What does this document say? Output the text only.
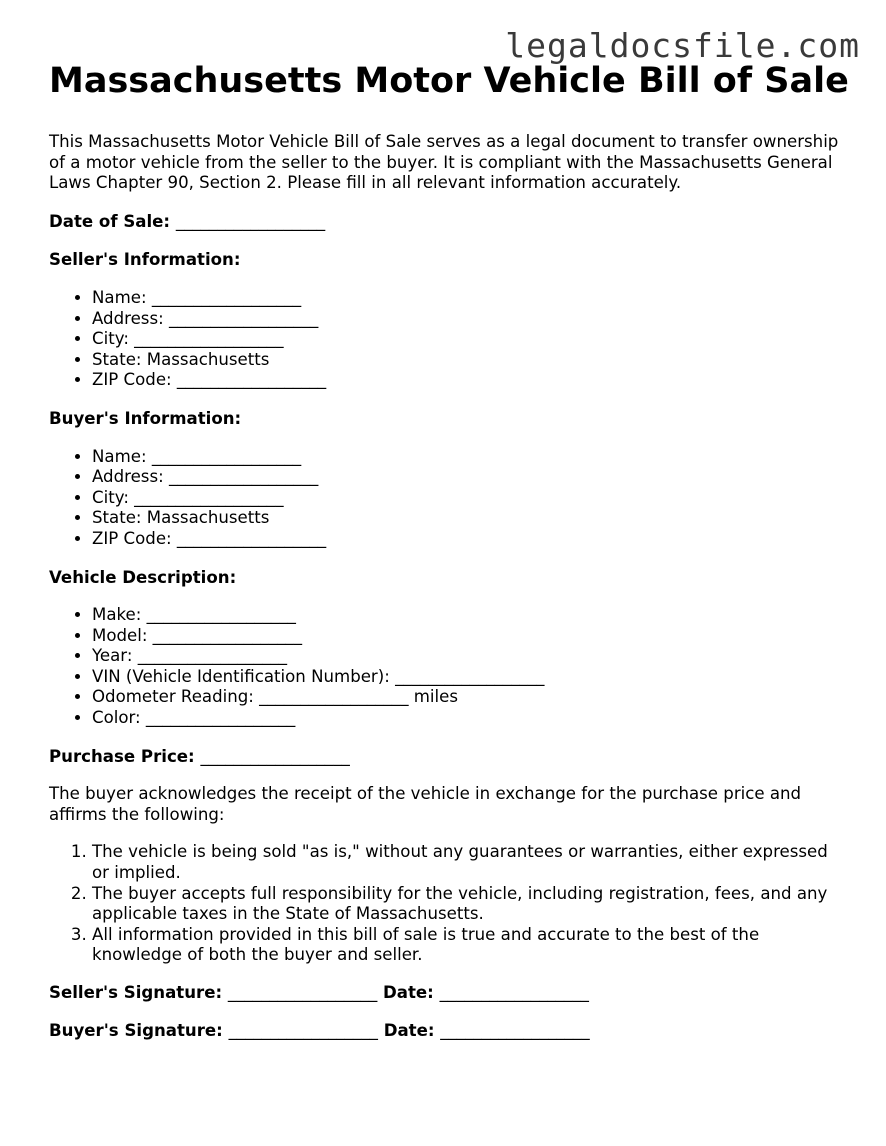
legaldocsfile.com
Massachusetts Motor Vehicle Bill of Sale

This Massachusetts Motor Vehicle Bill of Sale serves as a legal document to transfer ownership of a motor vehicle from the seller to the buyer. It is compliant with the Massachusetts General Laws Chapter 90, Section 2. Please fill in all relevant information accurately.

Date of Sale: __________________

Seller's Information:

• Name: __________________
• Address: __________________
• City: __________________
• State: Massachusetts
• ZIP Code: __________________

Buyer's Information:

• Name: __________________
• Address: __________________
• City: __________________
• State: Massachusetts
• ZIP Code: __________________

Vehicle Description:

• Make: __________________
• Model: __________________
• Year: __________________
• VIN (Vehicle Identification Number): __________________
• Odometer Reading: __________________ miles
• Color: __________________

Purchase Price: __________________

The buyer acknowledges the receipt of the vehicle in exchange for the purchase price and affirms the following:

1. The vehicle is being sold "as is," without any guarantees or warranties, either expressed or implied.
2. The buyer accepts full responsibility for the vehicle, including registration, fees, and any applicable taxes in the State of Massachusetts.
3. All information provided in this bill of sale is true and accurate to the best of the knowledge of both the buyer and seller.

Seller's Signature: __________________ Date: __________________

Buyer's Signature: __________________ Date: __________________
